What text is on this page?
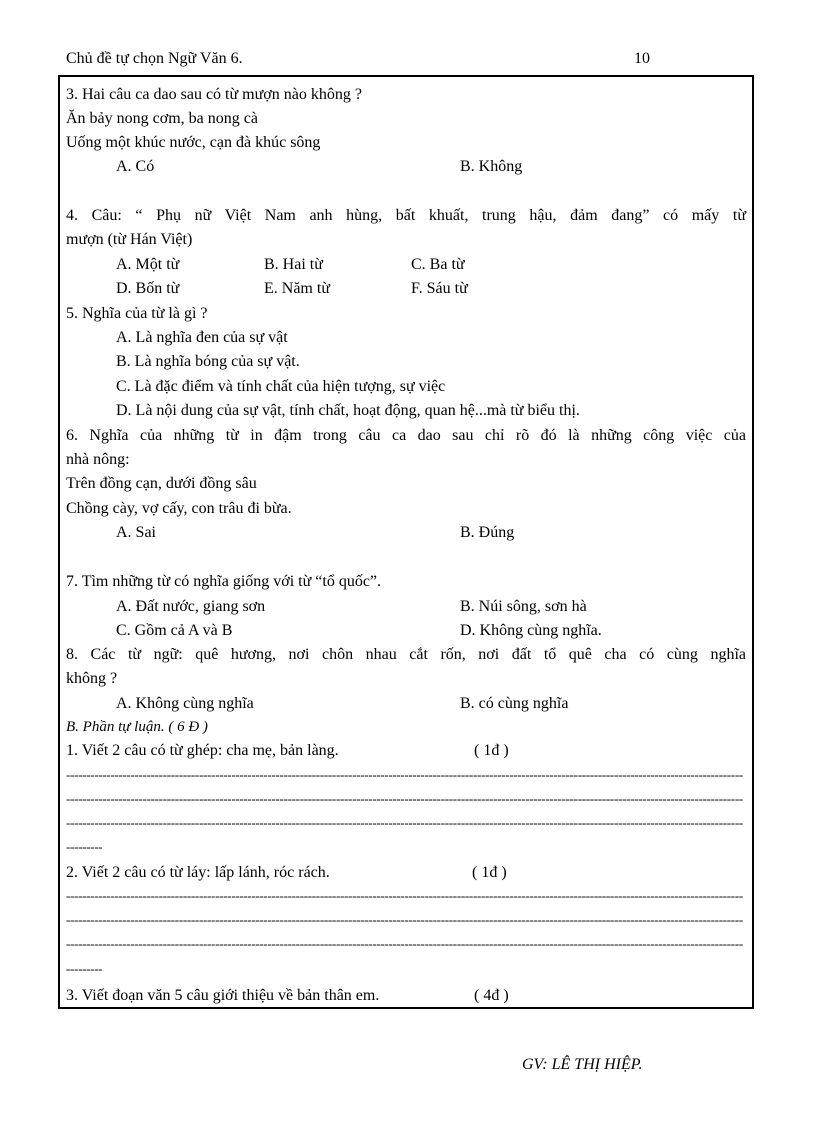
Chủ đề tự chọn Ngữ Văn 6.	10
3. Hai câu ca dao sau có từ mượn nào không ?
Ăn bảy nong cơm, ba nong cà
Uống một khúc nước, cạn đà khúc sông
A. Có	B. Không
4. Câu: “ Phụ nữ Việt Nam anh hùng, bất khuất, trung hậu, đảm đang” có mấy từ
mượn (từ Hán Việt)
A. Một từ	B. Hai từ	C. Ba từ
D. Bốn từ	E. Năm từ	F. Sáu từ
5. Nghĩa của từ là gì ?
A. Là nghĩa đen của sự vật
B. Là nghĩa bóng của sự vật.
C. Là đặc điểm và tính chất của hiện tượng, sự việc
D. Là nội dung của sự vật, tính chất, hoạt động, quan hệ...mà từ biểu thị.
6. Nghĩa của những từ in đậm trong câu ca dao sau chỉ rõ đó là những công việc của
nhà nông:
Trên đồng cạn, dưới đồng sâu
Chồng cày, vợ cấy, con trâu đi bừa.
A. Sai	B. Đúng
7. Tìm những từ có nghĩa giống với từ “tổ quốc”.
A. Đất nước, giang sơn	B. Núi sông, sơn hà
C. Gồm cả A và B	D. Không cùng nghĩa.
8. Các từ ngữ: quê hương, nơi chôn nhau cắt rốn, nơi đất tổ quê cha có cùng nghĩa
không ?
A. Không cùng nghĩa	B. có cùng nghĩa
B. Phần tự luận. ( 6 Đ )
1. Viết 2 câu có từ ghép: cha mẹ, bản làng.	( 1đ )
------------------------------------------------------------------------------------------------------------------------------------------------------------------------
------------------------------------------------------------------------------------------------------------------------------------------------------------------------
------------------------------------------------------------------------------------------------------------------------------------------------------------------------
---------
2. Viết 2 câu có từ láy: lấp lánh, róc rách.	( 1đ )
------------------------------------------------------------------------------------------------------------------------------------------------------------------------
------------------------------------------------------------------------------------------------------------------------------------------------------------------------
------------------------------------------------------------------------------------------------------------------------------------------------------------------------
---------
3. Viết đoạn văn 5 câu giới thiệu về bản thân em.	( 4đ )
GV: LÊ THỊ HIỆP.
